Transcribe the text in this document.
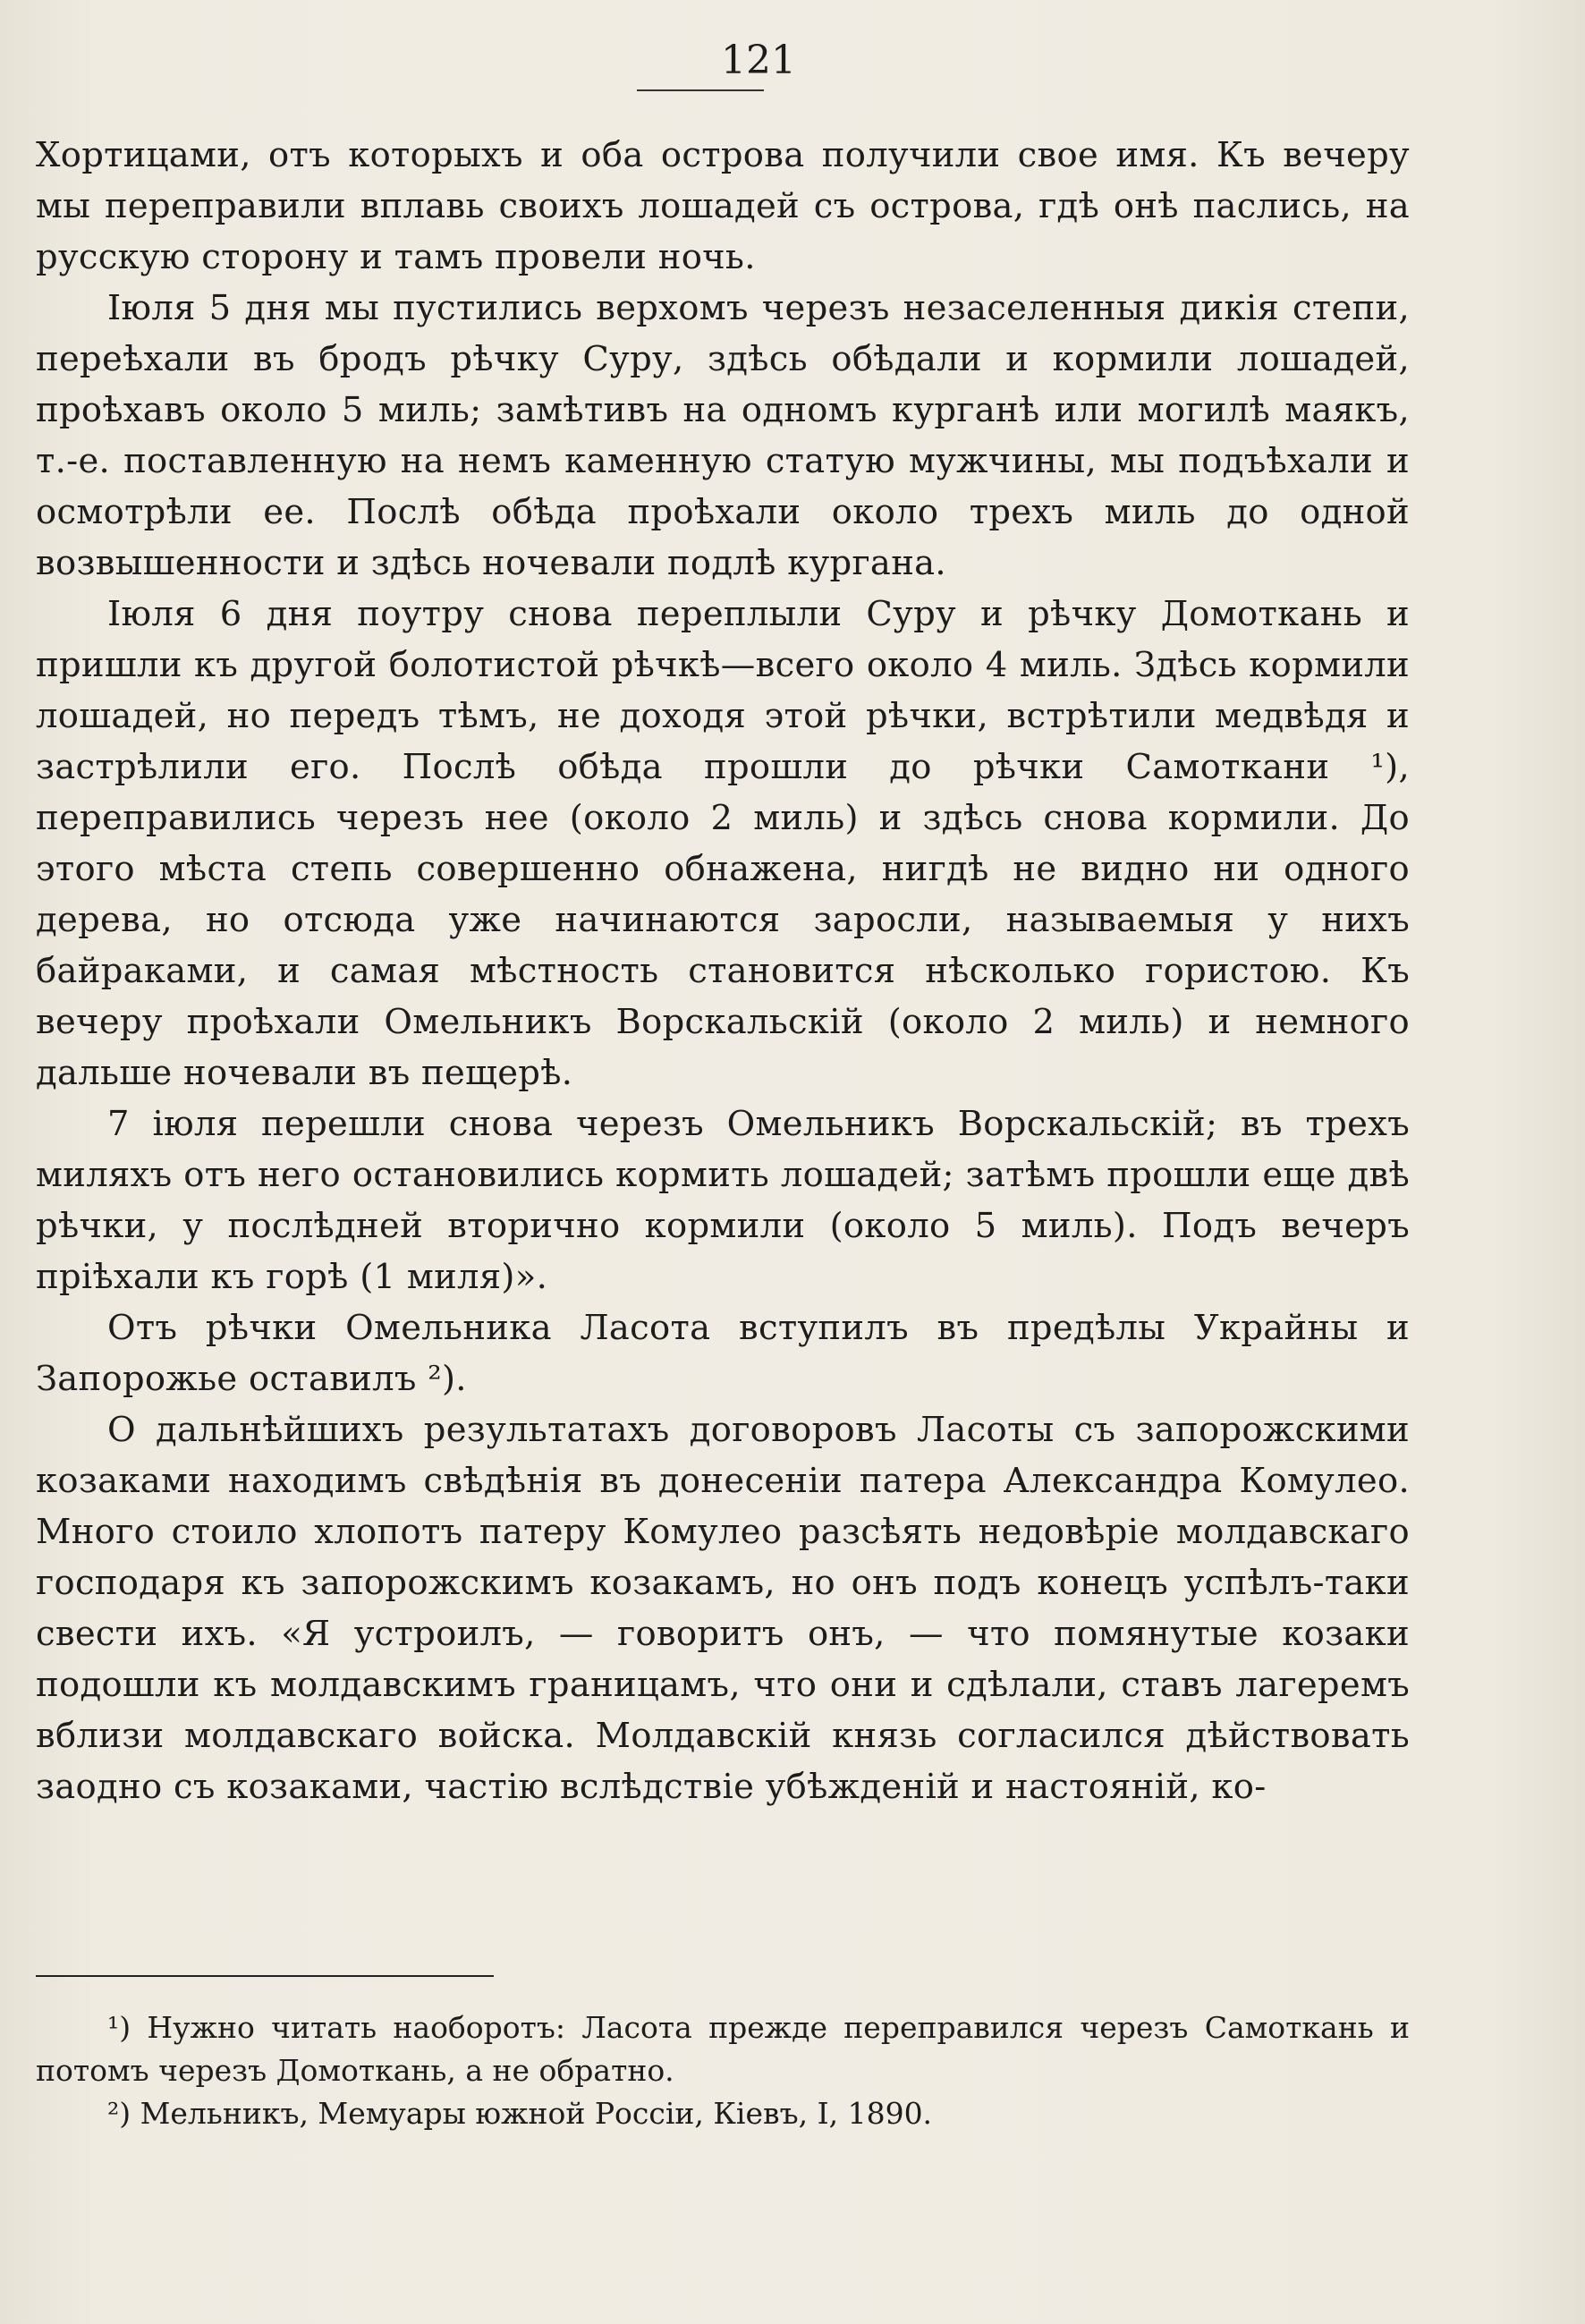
121

Хортицами, отъ которыхъ и оба острова получили свое имя. Къ вечеру мы переправили вплавь своихъ лошадей съ острова, гдѣ онѣ паслись, на русскую сторону и тамъ провели ночь.

Іюля 5 дня мы пустились верхомъ черезъ незаселенныя дикія степи, переѣхали въ бродъ рѣчку Суру, здѣсь обѣдали и кормили лошадей, проѣхавъ около 5 миль; замѣтивъ на одномъ курганѣ или могилѣ маякъ, т.-е. поставленную на немъ каменную статую мужчины, мы подъѣхали и осмотрѣли ее. Послѣ обѣда проѣхали около трехъ миль до одной возвышенности и здѣсь ночевали подлѣ кургана.

Іюля 6 дня поутру снова переплыли Суру и рѣчку Домоткань и пришли къ другой болотистой рѣчкѣ—всего около 4 миль. Здѣсь кормили лошадей, но передъ тѣмъ, не доходя этой рѣчки, встрѣтили медвѣдя и застрѣлили его. Послѣ обѣда прошли до рѣчки Самоткани ¹), переправились черезъ нее (около 2 миль) и здѣсь снова кормили. До этого мѣста степь совершенно обнажена, нигдѣ не видно ни одного дерева, но отсюда уже начинаются заросли, называемыя у нихъ байраками, и самая мѣстность становится нѣсколько гористою. Къ вечеру проѣхали Омельникъ Ворскальскій (около 2 миль) и немного дальше ночевали въ пещерѣ.

7 іюля перешли снова черезъ Омельникъ Ворскальскій; въ трехъ миляхъ отъ него остановились кормить лошадей; затѣмъ прошли еще двѣ рѣчки, у послѣдней вторично кормили (около 5 миль). Подъ вечеръ пріѣхали къ горѣ (1 миля)».

Отъ рѣчки Омельника Ласота вступилъ въ предѣлы Украйны и Запорожье оставилъ ²).

О дальнѣйшихъ результатахъ договоровъ Ласоты съ запорожскими козаками находимъ свѣдѣнія въ донесеніи патера Александра Комулео. Много стоило хлопотъ патеру Комулео разсѣять недовѣріе молдавскаго господаря къ запорожскимъ козакамъ, но онъ подъ конецъ успѣлъ-таки свести ихъ. «Я устроилъ, — говоритъ онъ, — что помянутые козаки подошли къ молдавскимъ границамъ, что они и сдѣлали, ставъ лагеремъ вблизи молдавскаго войска. Молдавскій князь согласился дѣйствовать заодно съ козаками, частію вслѣдствіе убѣжденій и настояній, ко-

¹) Нужно читать наоборотъ: Ласота прежде переправился черезъ Самоткань и потомъ черезъ Домоткань, а не обратно.

²) Мельникъ, Мемуары южной Россіи, Кіевъ, I, 1890.
